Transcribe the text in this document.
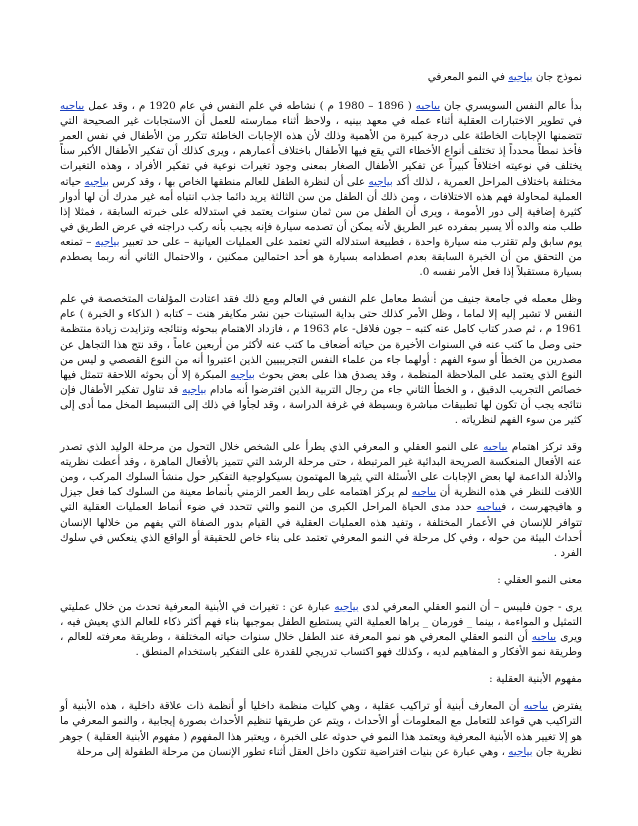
نموذج جان بياجيه في النمو المعرفي

بدأ عالم النفس السويسري جان بياجيه ( 1896 – 1980 م ) نشاطه في علم النفس في عام 1920 م ، وقد عمل بياجيه في تطوير الاختبارات العقلية أثناء عمله في معهد بينيه ، ولاحظ أثناء ممارسته للعمل أن الاستجابات غير الصحيحة التي تتضمنها الإجابات الخاطئة على درجة كبيرة من الأهمية وذلك لأن هذه الإجابات الخاطئة تتكرر من الأطفال في نفس العمر فأخذ نمطاً محدداً إذ تختلف أنواع الأخطاء التي يقع فيها الأطفال باختلاف أعمارهم ، ويرى كذلك أن تفكير الأطفال الأكبر سناً يختلف في نوعيته اختلافاً كبيراً عن تفكير الأطفال الصغار بمعنى وجود تغيرات نوعية في تفكير الأفراد ، وهذه التغيرات مختلفة باختلاف المراحل العمرية ، لذلك أكد بياجيه على أن لنظرة الطفل للعالم منطقها الخاص بها ، وقد كرس بياجيه حياته العملية لمحاولة فهم هذه الاختلافات ، ومن ذلك أن الطفل من سن الثالثة يريد دائما جذب انتباه أمه غير مدرك أن لها أدوار كثيرة إضافية إلى دور الأمومة ، ويرى أن الطفل من سن ثمان سنوات يعتمد في استدلاله على خبرته السابقة ، فمثلا إذا طلب منه والده ألا يسير بمفرده عبر الطريق لأنه يمكن أن تصدمه سيارة فإنه يجيب بأنه ركب دراجته في عرض الطريق في يوم سابق ولم تقترب منه سيارة واحدة ، فطبيعة استدلاله التي تعتمد على العمليات العيانية – على حد تعبير بياجيه – تمنعه من التحقق من أن الخبرة السابقة بعدم اصطدامه بسيارة هو أحد احتمالين ممكنين ، والاحتمال الثاني أنه ربما يصطدم بسيارة مستقبلاً إذا فعل الأمر نفسه 0.

وظل معمله في جامعة جنيف من أنشط معامل علم النفس في العالم ومع ذلك فقد اعتادت المؤلفات المتخصصة في علم النفس لا تشير إليه إلا لماما ، وظل الأمر كذلك حتى بداية الستينات حين نشر مكايفر هنت – كتابه ( الذكاء و الخبرة ) عام 1961 م ، ثم صدر كتاب كامل عنه كتبه – جون فلافل- عام 1963 م ، فازداد الاهتمام ببحوثه ونتائجه وتزايدت زيادة منتظمة حتى وصل ما كتب عنه في السنوات الأخيرة من حياته أضعاف ما كتب عنه لأكثر من أربعين عاماً ، وقد نتج هذا التجاهل عن مصدرين من الخطأ أو سوء الفهم : أولهما جاء من علماء النفس التجريبيين الذين اعتبروا أنه من النوع القصصي و ليس من النوع الذي يعتمد على الملاحظة المنظمة ، وقد يصدق هذا على بعض بحوث بياجيه المبكرة إلا أن بحوثه اللاحقة تتمثل فيها خصائص التجريب الدقيق ، و الخطأ الثاني جاء من رجال التربية الذين افترضوا أنه مادام بياجيه قد تناول تفكير الأطفال فإن نتائجه يجب أن تكون لها تطبيقات مباشرة وبسيطة في غرفة الدراسة ، وقد لجأوا في ذلك إلى التبسيط المخل مما أدى إلى كثير من سوء الفهم لنظرياته .

وقد تركز اهتمام بياجيه على النمو العقلي و المعرفي الذي يطرأ على الشخص خلال التحول من مرحلة الوليد الذي تصدر عنه الأفعال المنعكسة الصريحة البدائية غير المرتبطة ، حتى مرحلة الرشد التي تتميز بالأفعال الماهرة ، وقد أعطت نظريته والأدلة الداعمة لها بعض الإجابات على الأسئلة التي يثيرها المهتمون بسيكولوجية التفكير حول منشأ السلوك المركب ، ومن اللافت للنظر في هذه النظرية أن بياجيه لم يركز اهتمامه على ربط العمر الزمني بأنماط معينة من السلوك كما فعل جيزل و هافيجهرست ، فبياجيه حدد مدى الحياة المراحل الكبرى من النمو والتي تتحدد في ضوء أنماط العمليات العقلية التي تتوافر للإنسان في الأعمار المختلفة ، وتفيد هذه العمليات العقلية في القيام بدور الصفاة التي يفهم من خلالها الإنسان أحداث البيئة من حوله ، وفي كل مرحلة في النمو المعرفي تعتمد على بناء خاص للحقيقة أو الواقع الذي ينعكس في سلوك الفرد .

معنى النمو العقلي :

يرى - جون فليبس – أن النمو العقلي المعرفي لدى بياجيه عبارة عن : تغيرات في الأبنية المعرفية تحدث من خلال عمليتي التمثيل و المواءمة ، بينما _ فورمان _ يراها العملية التي يستطيع الطفل بموجبها بناء فهم أكثر ذكاء للعالم الذي يعيش فيه ، ويرى بياجيه أن النمو العقلي المعرفي هو نمو المعرفة عند الطفل خلال سنوات حياته المختلفة ، وطريقة معرفته للعالم ، وطريقة نمو الأفكار و المفاهيم لديه ، وكذلك فهو اكتساب تدريجي للقدرة على التفكير باستخدام المنطق .

مفهوم الأبنية العقلية :

يفترض بياجيه أن المعارف أبنية أو تراكيب عقلية ، وهي كليات منظمة داخليا أو أنظمة ذات علاقة داخلية ، هذه الأبنية أو التراكيب هي قواعد للتعامل مع المعلومات أو الأحداث ، ويتم عن طريقها تنظيم الأحداث بصورة إيجابية ، والنمو المعرفي ما هو إلا تغيير هذه الأبنية المعرفية ويعتمد هذا النمو في حدوثه على الخبرة ، ويعتبر هذا المفهوم ( مفهوم الأبنية العقلية ) جوهر نظرية جان بياجيه ، وهي عبارة عن بنيات افتراضية تتكون داخل العقل أثناء تطور الإنسان من مرحلة الطفولة إلى مرحلة
